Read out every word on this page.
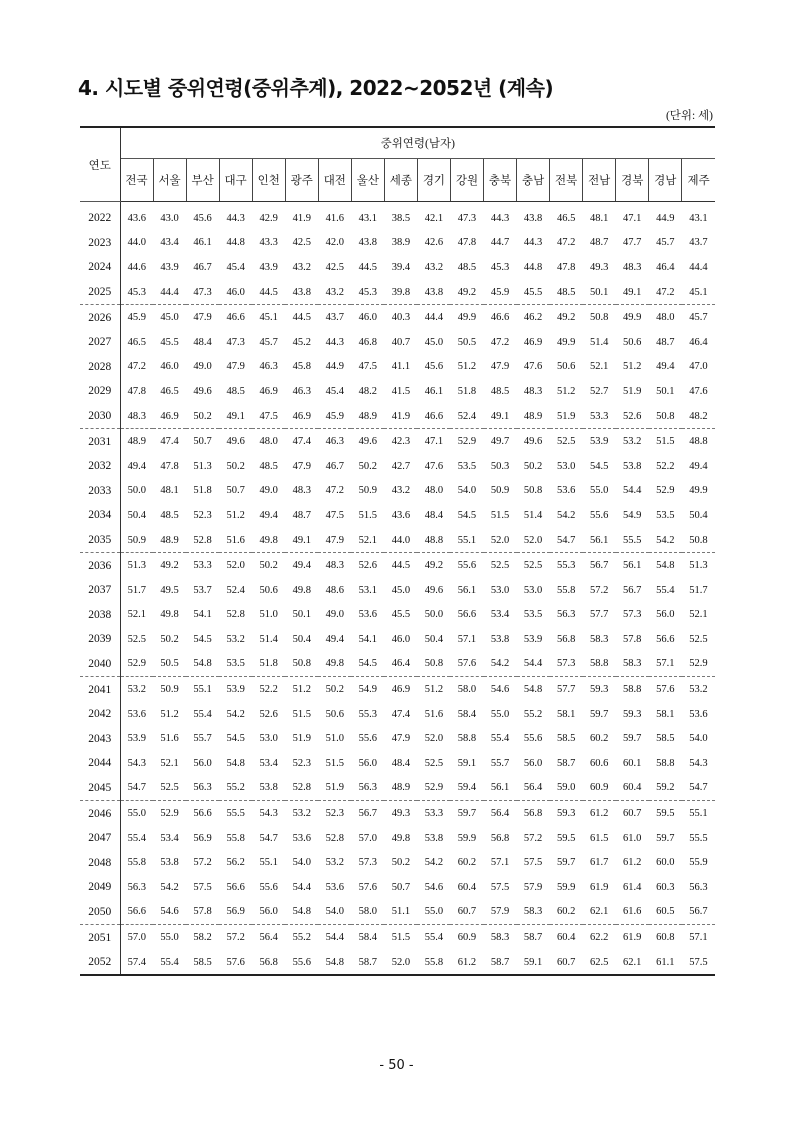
4. 시도별 중위연령(중위추계), 2022~2052년 (계속)
(단위: 세)
연도	중위연령(남자)																	
	전국	서울	부산	대구	인천	광주	대전	울산	세종	경기	강원	충북	충남	전북	전남	경북	경남	제주
2022	43.6	43.0	45.6	44.3	42.9	41.9	41.6	43.1	38.5	42.1	47.3	44.3	43.8	46.5	48.1	47.1	44.9	43.1
2023	44.0	43.4	46.1	44.8	43.3	42.5	42.0	43.8	38.9	42.6	47.8	44.7	44.3	47.2	48.7	47.7	45.7	43.7
2024	44.6	43.9	46.7	45.4	43.9	43.2	42.5	44.5	39.4	43.2	48.5	45.3	44.8	47.8	49.3	48.3	46.4	44.4
2025	45.3	44.4	47.3	46.0	44.5	43.8	43.2	45.3	39.8	43.8	49.2	45.9	45.5	48.5	50.1	49.1	47.2	45.1
2026	45.9	45.0	47.9	46.6	45.1	44.5	43.7	46.0	40.3	44.4	49.9	46.6	46.2	49.2	50.8	49.9	48.0	45.7
2027	46.5	45.5	48.4	47.3	45.7	45.2	44.3	46.8	40.7	45.0	50.5	47.2	46.9	49.9	51.4	50.6	48.7	46.4
2028	47.2	46.0	49.0	47.9	46.3	45.8	44.9	47.5	41.1	45.6	51.2	47.9	47.6	50.6	52.1	51.2	49.4	47.0
2029	47.8	46.5	49.6	48.5	46.9	46.3	45.4	48.2	41.5	46.1	51.8	48.5	48.3	51.2	52.7	51.9	50.1	47.6
2030	48.3	46.9	50.2	49.1	47.5	46.9	45.9	48.9	41.9	46.6	52.4	49.1	48.9	51.9	53.3	52.6	50.8	48.2
2031	48.9	47.4	50.7	49.6	48.0	47.4	46.3	49.6	42.3	47.1	52.9	49.7	49.6	52.5	53.9	53.2	51.5	48.8
2032	49.4	47.8	51.3	50.2	48.5	47.9	46.7	50.2	42.7	47.6	53.5	50.3	50.2	53.0	54.5	53.8	52.2	49.4
2033	50.0	48.1	51.8	50.7	49.0	48.3	47.2	50.9	43.2	48.0	54.0	50.9	50.8	53.6	55.0	54.4	52.9	49.9
2034	50.4	48.5	52.3	51.2	49.4	48.7	47.5	51.5	43.6	48.4	54.5	51.5	51.4	54.2	55.6	54.9	53.5	50.4
2035	50.9	48.9	52.8	51.6	49.8	49.1	47.9	52.1	44.0	48.8	55.1	52.0	52.0	54.7	56.1	55.5	54.2	50.8
2036	51.3	49.2	53.3	52.0	50.2	49.4	48.3	52.6	44.5	49.2	55.6	52.5	52.5	55.3	56.7	56.1	54.8	51.3
2037	51.7	49.5	53.7	52.4	50.6	49.8	48.6	53.1	45.0	49.6	56.1	53.0	53.0	55.8	57.2	56.7	55.4	51.7
2038	52.1	49.8	54.1	52.8	51.0	50.1	49.0	53.6	45.5	50.0	56.6	53.4	53.5	56.3	57.7	57.3	56.0	52.1
2039	52.5	50.2	54.5	53.2	51.4	50.4	49.4	54.1	46.0	50.4	57.1	53.8	53.9	56.8	58.3	57.8	56.6	52.5
2040	52.9	50.5	54.8	53.5	51.8	50.8	49.8	54.5	46.4	50.8	57.6	54.2	54.4	57.3	58.8	58.3	57.1	52.9
2041	53.2	50.9	55.1	53.9	52.2	51.2	50.2	54.9	46.9	51.2	58.0	54.6	54.8	57.7	59.3	58.8	57.6	53.2
2042	53.6	51.2	55.4	54.2	52.6	51.5	50.6	55.3	47.4	51.6	58.4	55.0	55.2	58.1	59.7	59.3	58.1	53.6
2043	53.9	51.6	55.7	54.5	53.0	51.9	51.0	55.6	47.9	52.0	58.8	55.4	55.6	58.5	60.2	59.7	58.5	54.0
2044	54.3	52.1	56.0	54.8	53.4	52.3	51.5	56.0	48.4	52.5	59.1	55.7	56.0	58.7	60.6	60.1	58.8	54.3
2045	54.7	52.5	56.3	55.2	53.8	52.8	51.9	56.3	48.9	52.9	59.4	56.1	56.4	59.0	60.9	60.4	59.2	54.7
2046	55.0	52.9	56.6	55.5	54.3	53.2	52.3	56.7	49.3	53.3	59.7	56.4	56.8	59.3	61.2	60.7	59.5	55.1
2047	55.4	53.4	56.9	55.8	54.7	53.6	52.8	57.0	49.8	53.8	59.9	56.8	57.2	59.5	61.5	61.0	59.7	55.5
2048	55.8	53.8	57.2	56.2	55.1	54.0	53.2	57.3	50.2	54.2	60.2	57.1	57.5	59.7	61.7	61.2	60.0	55.9
2049	56.3	54.2	57.5	56.6	55.6	54.4	53.6	57.6	50.7	54.6	60.4	57.5	57.9	59.9	61.9	61.4	60.3	56.3
2050	56.6	54.6	57.8	56.9	56.0	54.8	54.0	58.0	51.1	55.0	60.7	57.9	58.3	60.2	62.1	61.6	60.5	56.7
2051	57.0	55.0	58.2	57.2	56.4	55.2	54.4	58.4	51.5	55.4	60.9	58.3	58.7	60.4	62.2	61.9	60.8	57.1
2052	57.4	55.4	58.5	57.6	56.8	55.6	54.8	58.7	52.0	55.8	61.2	58.7	59.1	60.7	62.5	62.1	61.1	57.5
- 50 -
